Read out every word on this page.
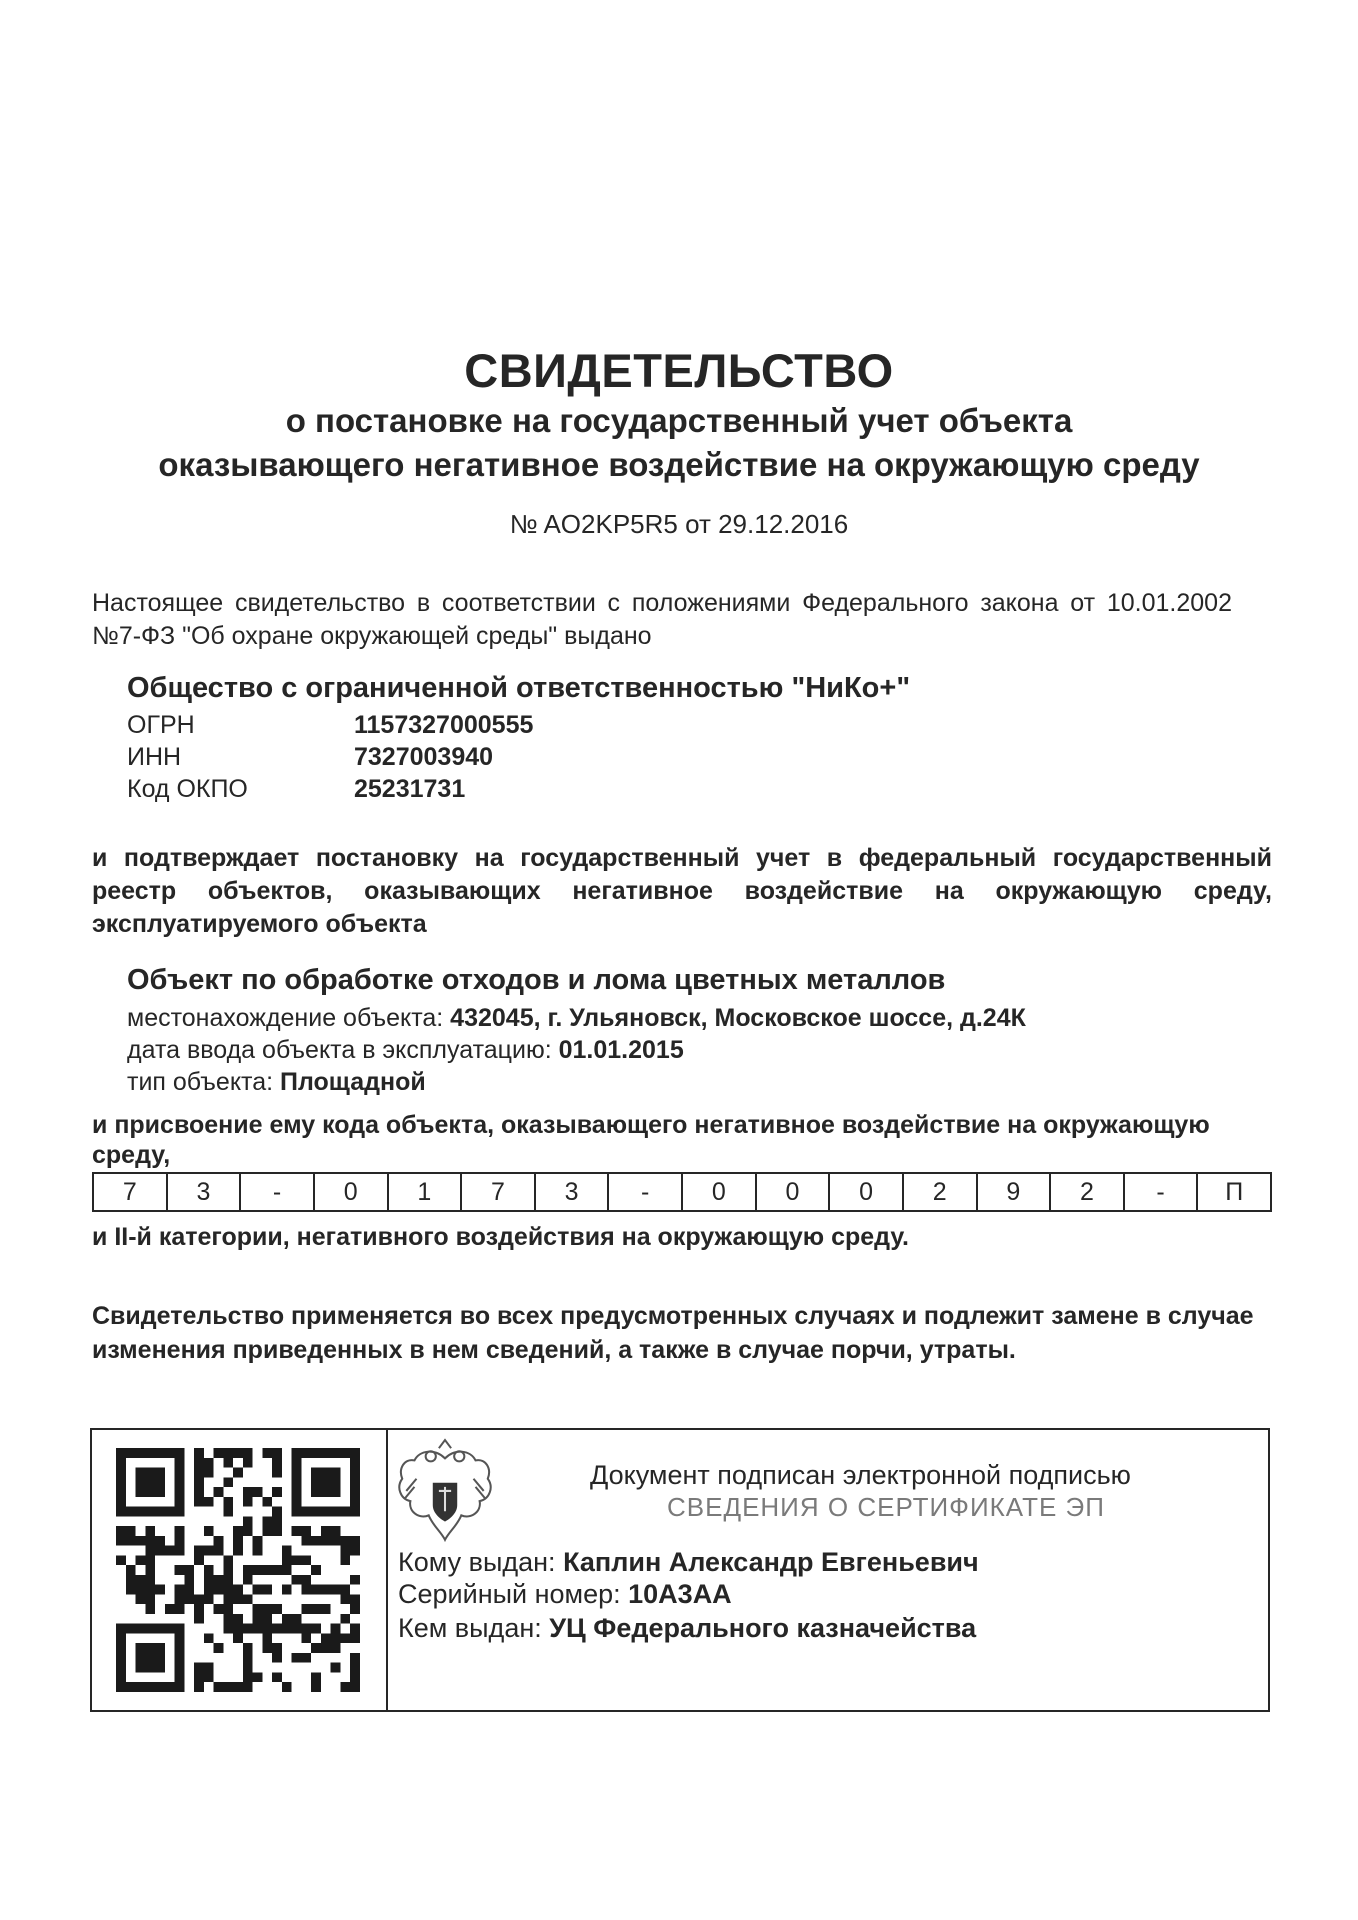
СВИДЕТЕЛЬСТВО
о постановке на государственный учет объекта
оказывающего негативное воздействие на окружающую среду
№ AO2KP5R5 от 29.12.2016
Настоящее свидетельство в соответствии с положениями Федерального закона от 10.01.2002 №7-ФЗ "Об охране окружающей среды" выдано
Общество с ограниченной ответственностью "НиКо+"
ОГРН	1157327000555
ИНН	7327003940
Код ОКПО	25231731
и подтверждает постановку на государственный учет в федеральный государственный реестр объектов, оказывающих негативное воздействие на окружающую среду, эксплуатируемого объекта
Объект по обработке отходов и лома цветных металлов
местонахождение объекта: 432045, г. Ульяновск, Московское шоссе, д.24К
дата ввода объекта в эксплуатацию: 01.01.2015
тип объекта: Площадной
и присвоение ему кода объекта, оказывающего негативное воздействие на окружающую среду,
7	3	-	0	1	7	3	-	0	0	0	2	9	2	-	П
и II-й категории, негативного воздействия на окружающую среду.
Свидетельство применяется во всех предусмотренных случаях и подлежит замене в случае изменения приведенных в нем сведений, а также в случае порчи, утраты.
Документ подписан электронной подписью
СВЕДЕНИЯ О СЕРТИФИКАТЕ ЭП
Кому выдан: Каплин Александр Евгеньевич
Серийный номер: 10A3AA
Кем выдан: УЦ Федерального казначейства
